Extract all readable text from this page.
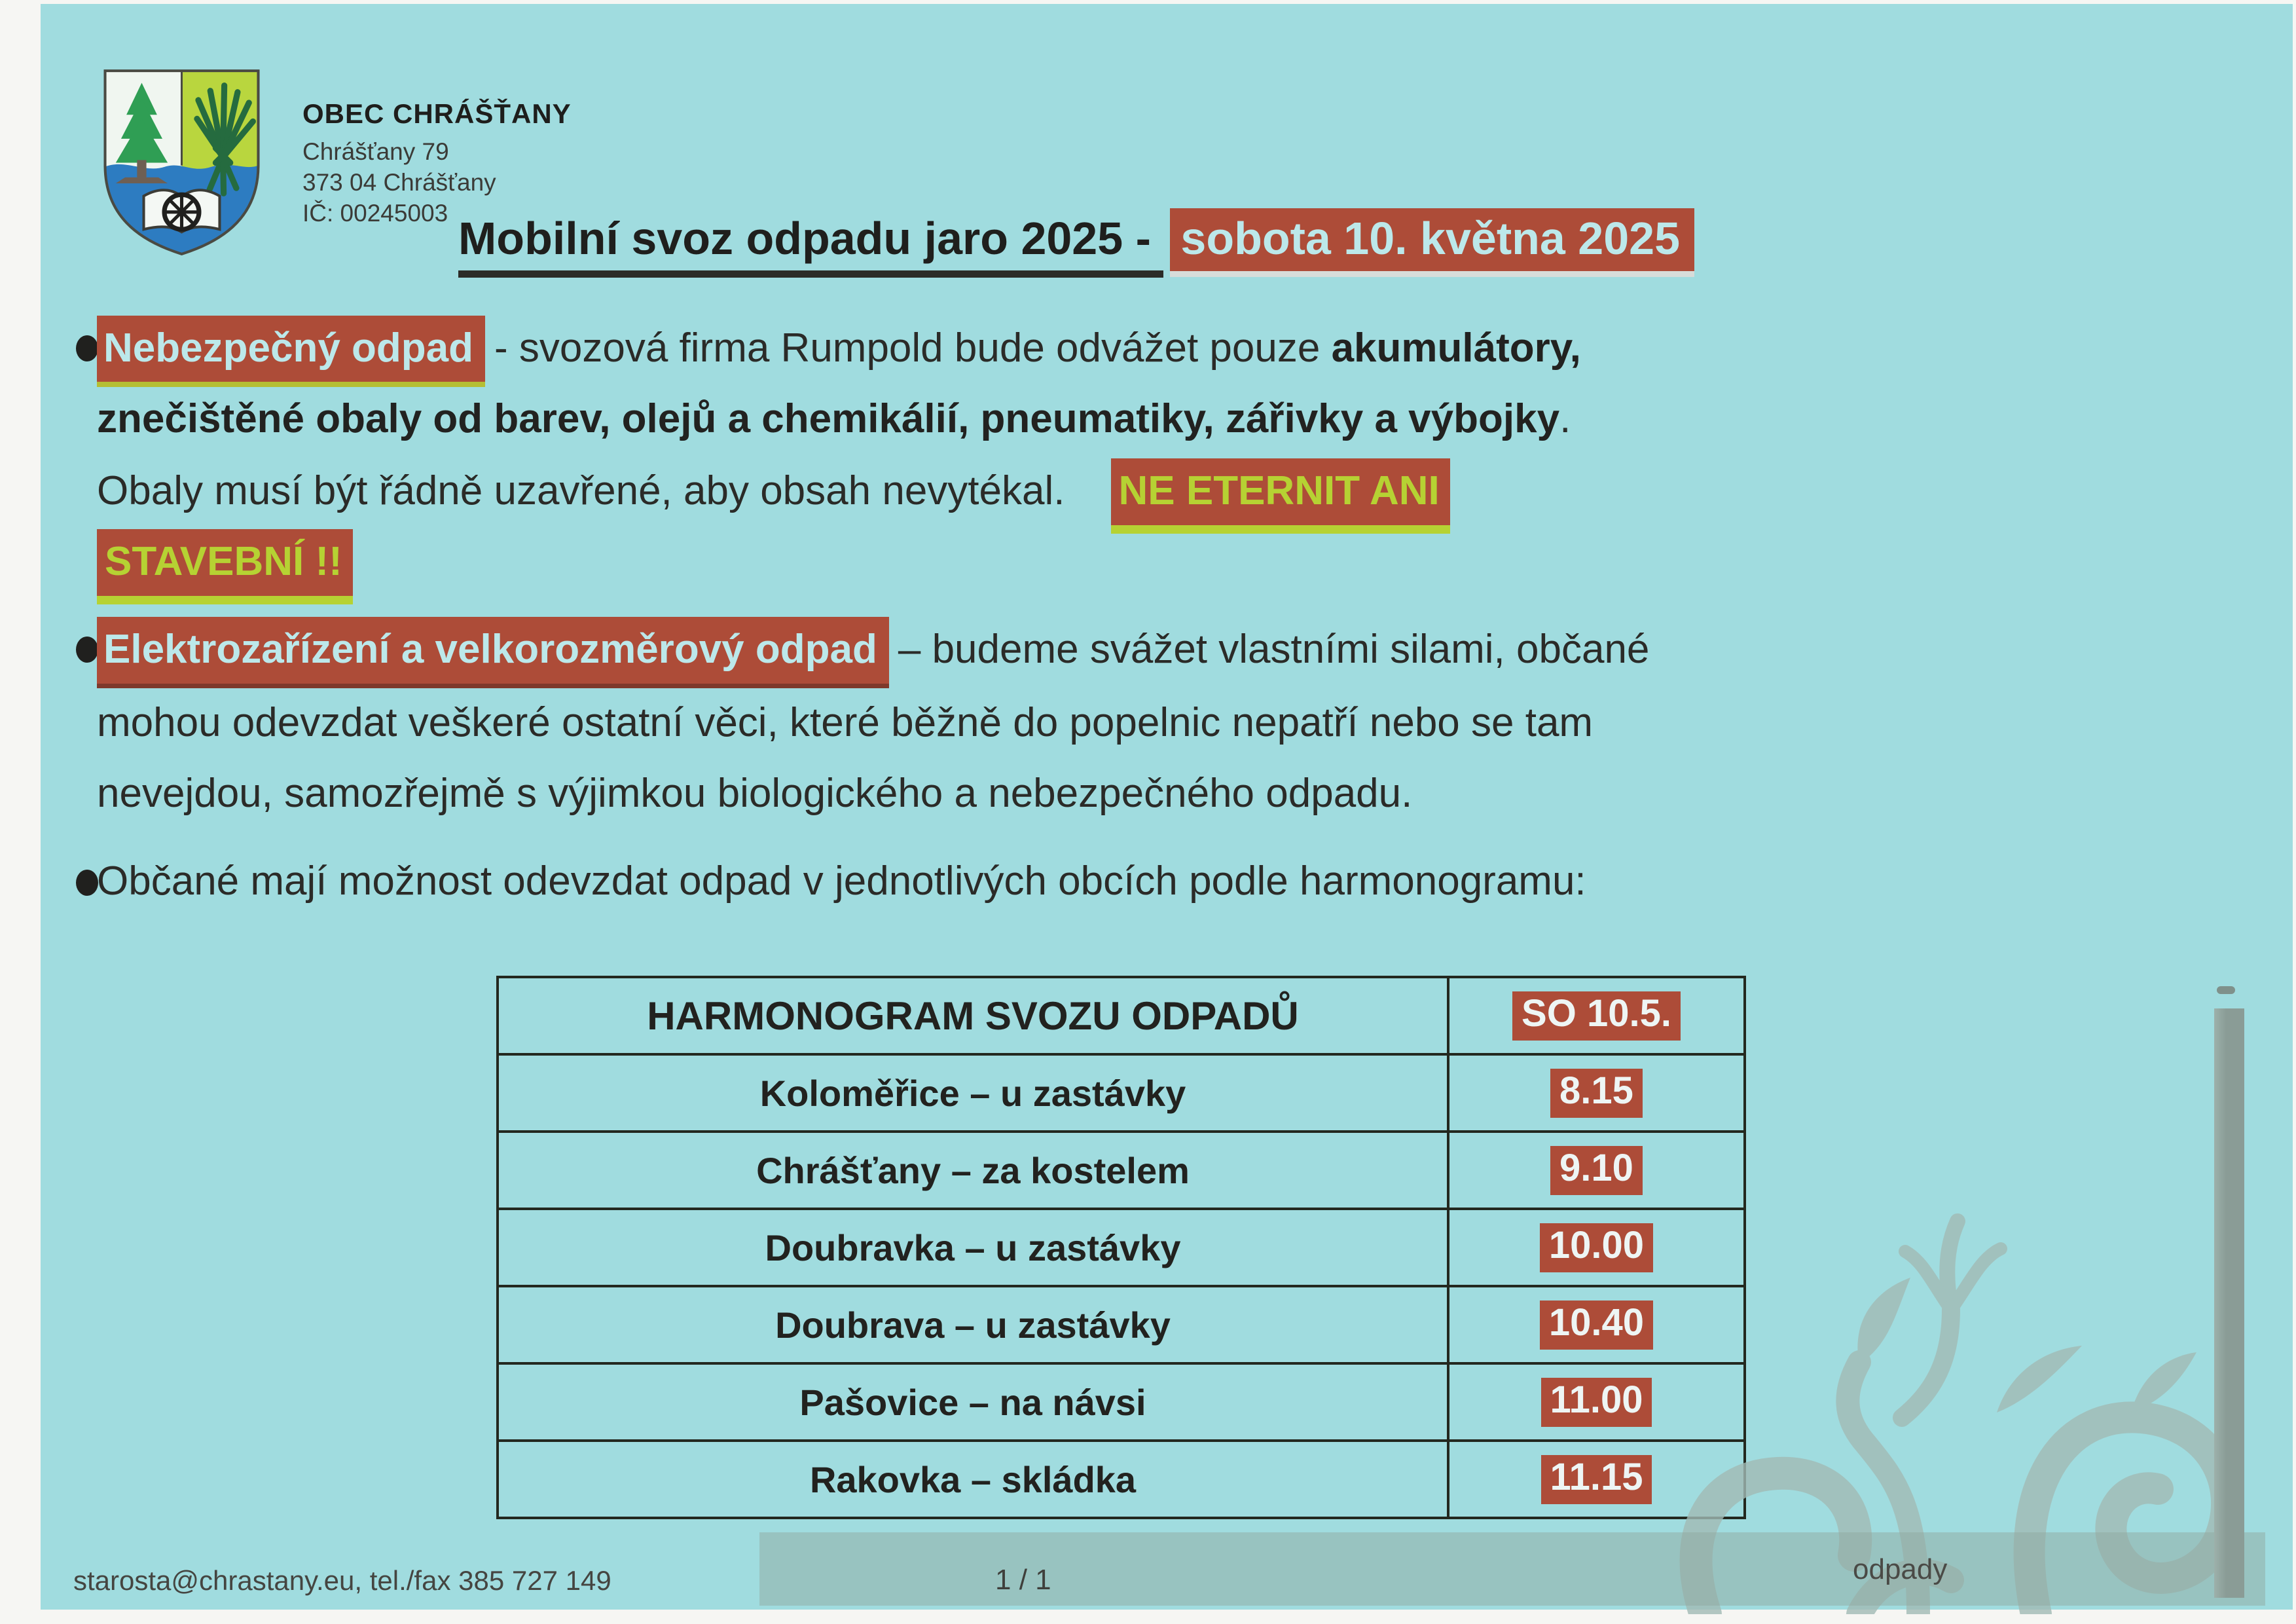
OBEC CHRÁŠŤANY
Chrášťany 79
373 04 Chrášťany
IČ: 00245003 Mobilní svoz odpadu jaro 2025 - sobota 10. května 2025
Nebezpečný odpad - svozová firma Rumpold bude odvážet pouze akumulátory,
znečištěné obaly od barev, olejů a chemikálií, pneumatiky, zářivky a výbojky.
Obaly musí být řádně uzavřené, aby obsah nevytékal. NE ETERNIT ANI
STAVEBNÍ !!
Elektrozařízení a velkorozměrový odpad – budeme svážet vlastními silami, občané
mohou odevzdat veškeré ostatní věci, které běžně do popelnic nepatří nebo se tam
nevejdou, samozřejmě s výjimkou biologického a nebezpečného odpadu.
Občané mají možnost odevzdat odpad v jednotlivých obcích podle harmonogramu:
HARMONOGRAM SVOZU ODPADŮ	SO 10.5.
Koloměřice – u zastávky	8.15
Chrášťany – za kostelem	9.10
Doubravka – u zastávky	10.00
Doubrava – u zastávky	10.40
Pašovice – na návsi	11.00
Rakovka – skládka	11.15
starosta@chrastany.eu, tel./fax 385 727 149	1 / 1	odpady
